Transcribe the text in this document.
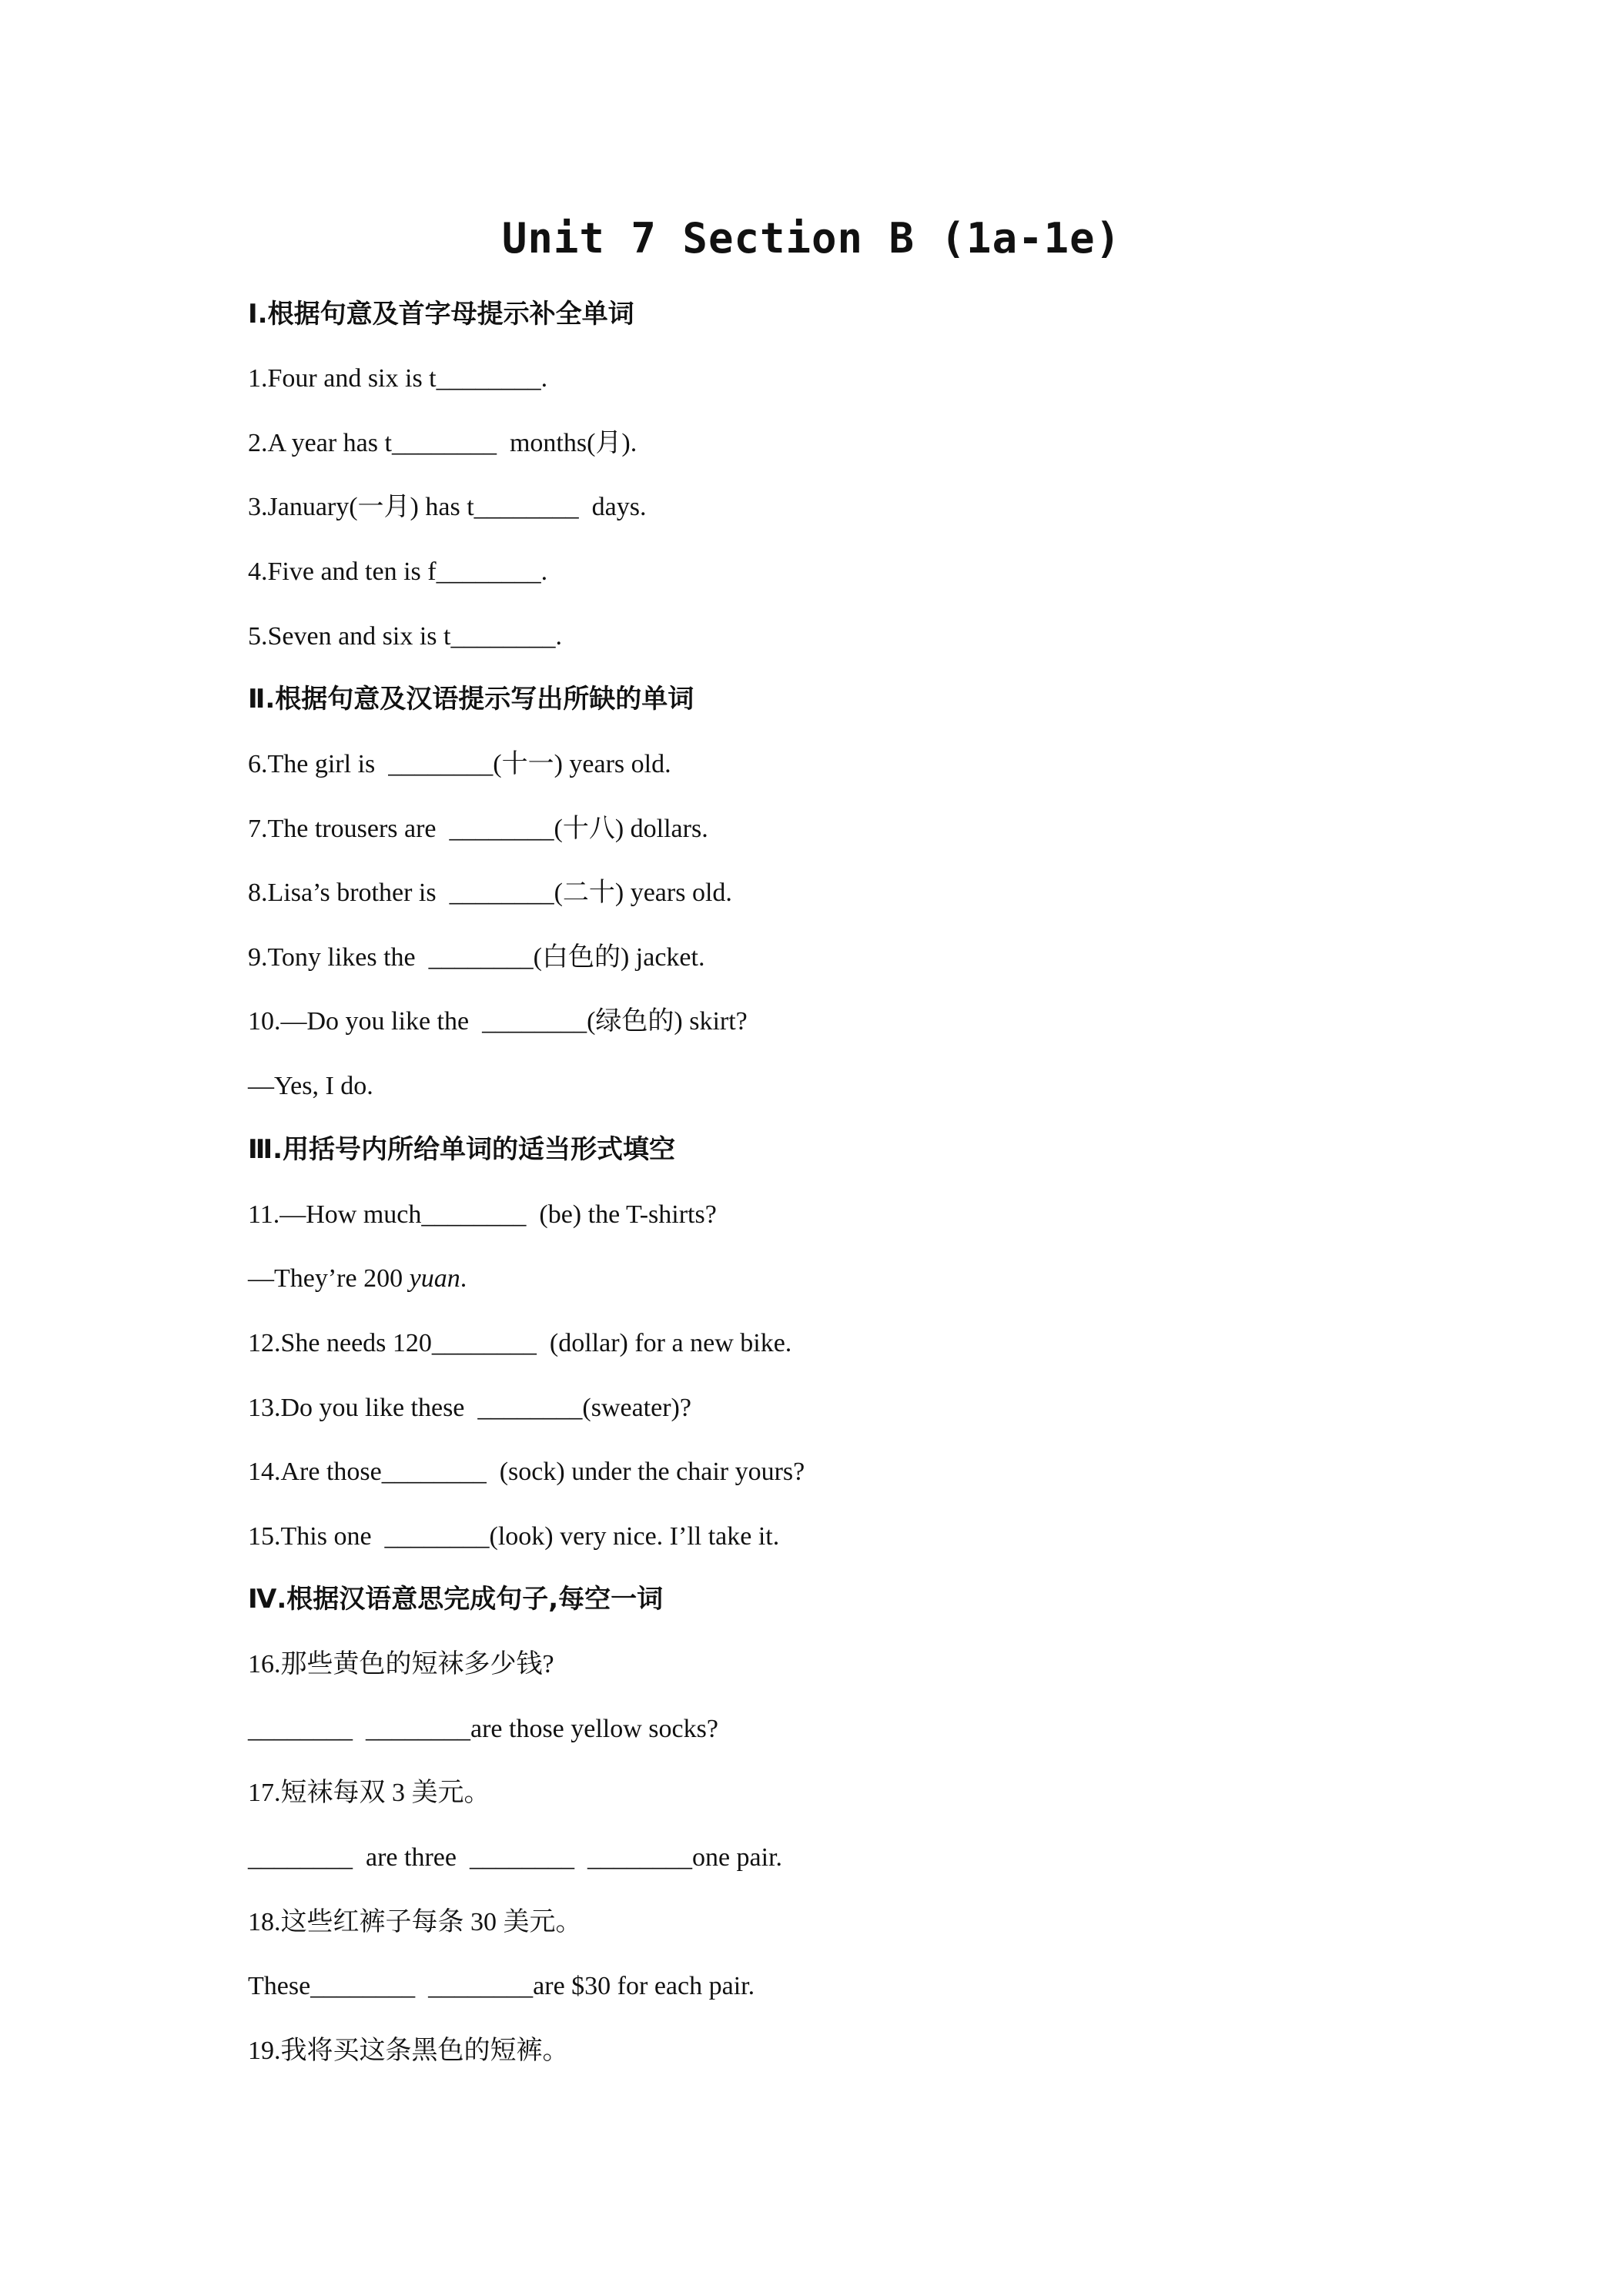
Unit 7 Section B (1a-1e)
Ⅰ.根据句意及首字母提示补全单词
1.Four and six is t________.
2.A year has t________  months(月).
3.January(一月) has t________  days.
4.Five and ten is f________.
5.Seven and six is t________.
Ⅱ.根据句意及汉语提示写出所缺的单词
6.The girl is  ________(十一) years old.
7.The trousers are  ________(十八) dollars.
8.Lisa’s brother is  ________(二十) years old.
9.Tony likes the  ________(白色的) jacket.
10.—Do you like the  ________(绿色的) skirt?
—Yes, I do.
Ⅲ.用括号内所给单词的适当形式填空
11.—How much________  (be) the T-shirts?
—They’re 200 yuan.
12.She needs 120________  (dollar) for a new bike.
13.Do you like these  ________(sweater)?
14.Are those________  (sock) under the chair yours?
15.This one  ________(look) very nice. I’ll take it.
Ⅳ.根据汉语意思完成句子,每空一词
16.那些黄色的短袜多少钱?
________  ________are those yellow socks?
17.短袜每双 3 美元。
________  are three  ________  ________one pair.
18.这些红裤子每条 30 美元。
These________  ________are $30 for each pair.
19.我将买这条黑色的短裤。
